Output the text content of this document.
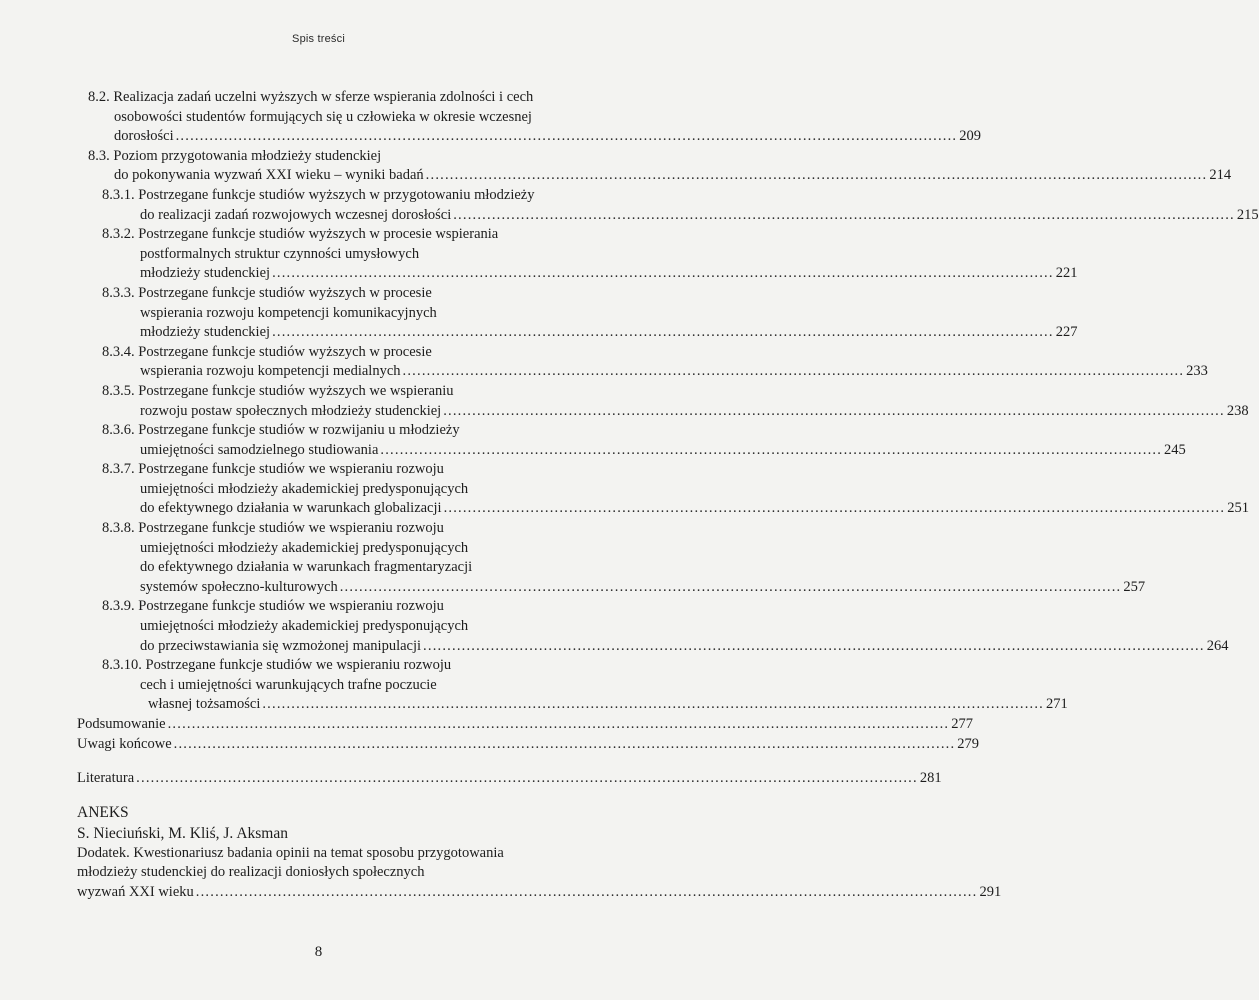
Spis treści
8.2. Realizacja zadań uczelni wyższych w sferze wspierania zdolności i cech
osobowości studentów formujących się u człowieka w okresie wczesnej
dorosłości .................................................................................................................................................................. 209
8.3. Poziom przygotowania młodzieży studenckiej
do pokonywania wyzwań XXI wieku – wyniki badań .................................................................................................................................................................. 214
8.3.1. Postrzegane funkcje studiów wyższych w przygotowaniu młodzieży
do realizacji zadań rozwojowych wczesnej dorosłości .................................................................................................................................................................. 215
8.3.2. Postrzegane funkcje studiów wyższych w procesie wspierania
postformalnych struktur czynności umysłowych
młodzieży studenckiej .................................................................................................................................................................. 221
8.3.3. Postrzegane funkcje studiów wyższych w procesie
wspierania rozwoju kompetencji komunikacyjnych
młodzieży studenckiej .................................................................................................................................................................. 227
8.3.4. Postrzegane funkcje studiów wyższych w procesie
wspierania rozwoju kompetencji medialnych .................................................................................................................................................................. 233
8.3.5. Postrzegane funkcje studiów wyższych we wspieraniu
rozwoju postaw społecznych młodzieży studenckiej .................................................................................................................................................................. 238
8.3.6. Postrzegane funkcje studiów w rozwijaniu u młodzieży
umiejętności samodzielnego studiowania .................................................................................................................................................................. 245
8.3.7. Postrzegane funkcje studiów we wspieraniu rozwoju
umiejętności młodzieży akademickiej predysponujących
do efektywnego działania w warunkach globalizacji .................................................................................................................................................................. 251
8.3.8. Postrzegane funkcje studiów we wspieraniu rozwoju
umiejętności młodzieży akademickiej predysponujących
do efektywnego działania w warunkach fragmentaryzacji
systemów społeczno-kulturowych .................................................................................................................................................................. 257
8.3.9. Postrzegane funkcje studiów we wspieraniu rozwoju
umiejętności młodzieży akademickiej predysponujących
do przeciwstawiania się wzmożonej manipulacji .................................................................................................................................................................. 264
8.3.10. Postrzegane funkcje studiów we wspieraniu rozwoju
cech i umiejętności warunkujących trafne poczucie
własnej tożsamości .................................................................................................................................................................. 271
Podsumowanie .................................................................................................................................................................. 277
Uwagi końcowe .................................................................................................................................................................. 279
Literatura .................................................................................................................................................................. 281
ANEKS
S. Nieciuński, M. Kliś, J. Aksman
Dodatek. Kwestionariusz badania opinii na temat sposobu przygotowania
młodzieży studenckiej do realizacji doniosłych społecznych
wyzwań XXI wieku .................................................................................................................................................................. 291
8
